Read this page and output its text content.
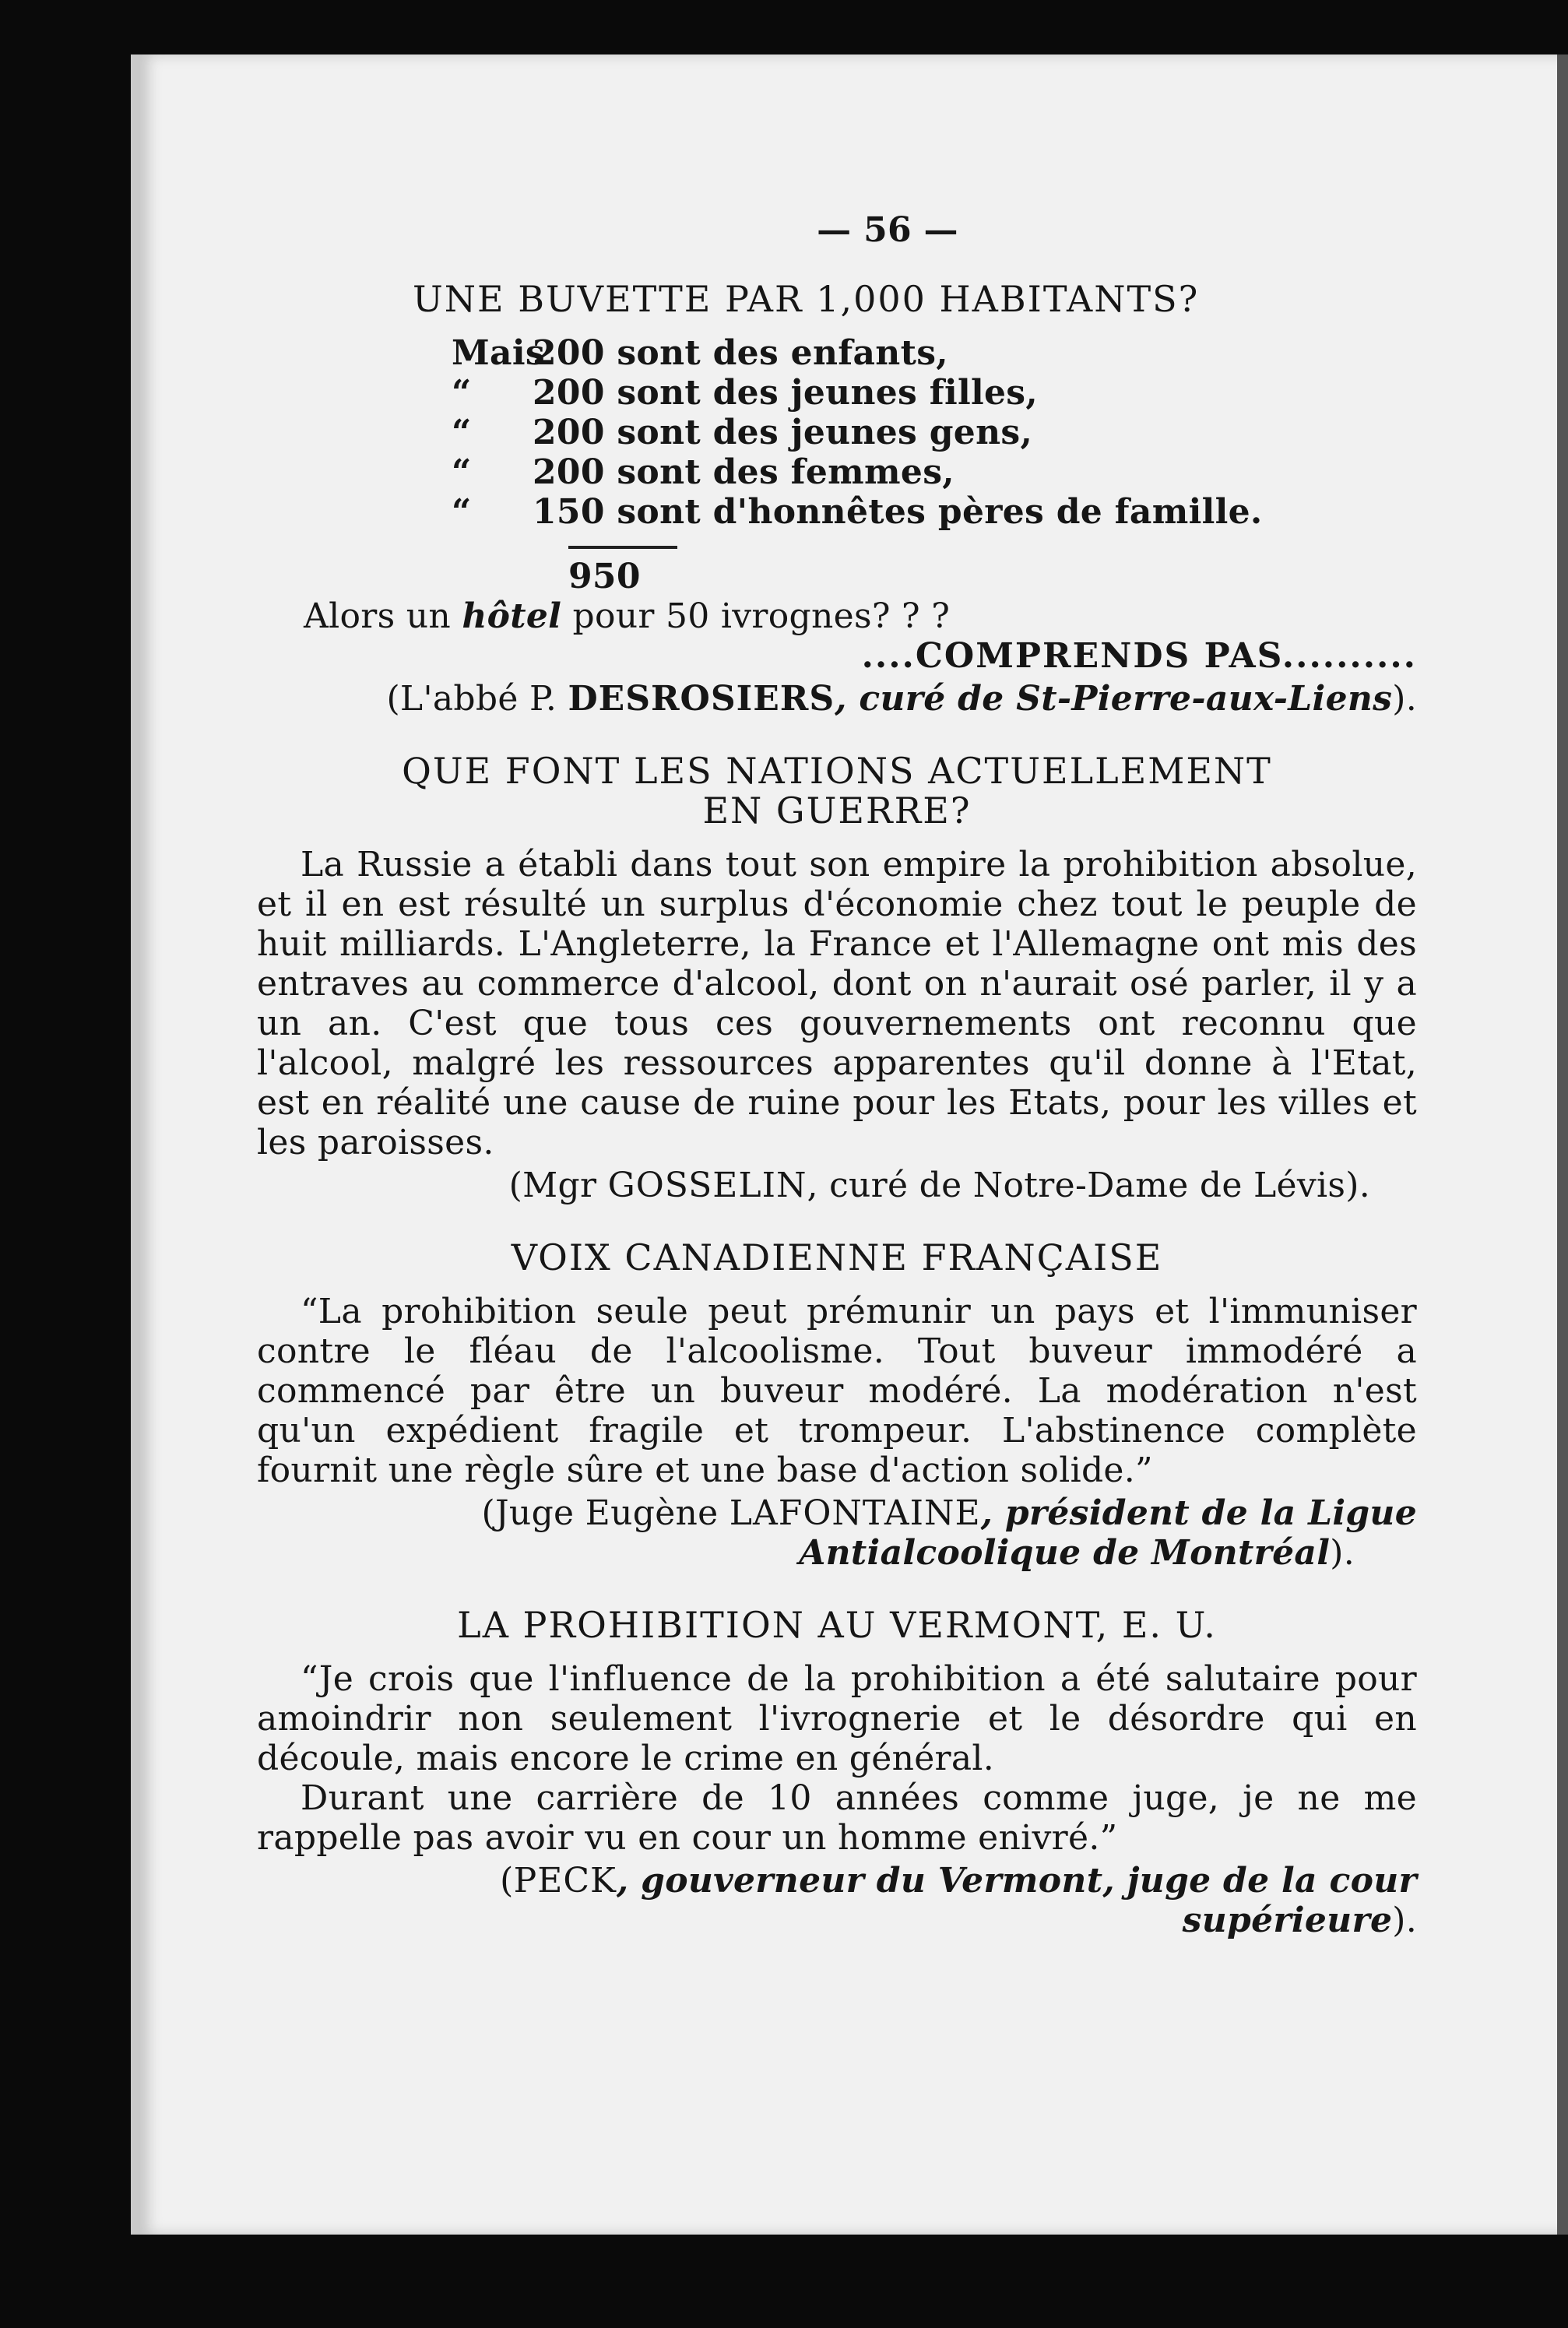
— 56 —
UNE BUVETTE PAR 1,000 HABITANTS?
Mais200 sont des enfants,
“ 200 sont des jeunes filles,
“ 200 sont des jeunes gens,
“ 200 sont des femmes,
“ 150 sont d'honnêtes pères de famille.
950

Alors un hôtel pour 50 ivrognes? ? ?

....COMPRENDS PAS..........

(L'abbé P. DESROSIERS, curé de St-Pierre-aux-Liens).

QUE FONT LES NATIONS ACTUELLEMENT
EN GUERRE?

La Russie a établi dans tout son empire la prohibition absolue, et il en est résulté un surplus d'économie chez tout le peuple de huit milliards. L'Angleterre, la France et l'Allemagne ont mis des entraves au commerce d'alcool, dont on n'aurait osé parler, il y a un an. C'est que tous ces gouvernements ont reconnu que l'alcool, malgré les ressources apparentes qu'il donne à l'Etat, est en réalité une cause de ruine pour les Etats, pour les villes et les paroisses.

(Mgr GOSSELIN, curé de Notre-Dame de Lévis).

VOIX CANADIENNE FRANÇAISE

“La prohibition seule peut prémunir un pays et l'immuniser contre le fléau de l'alcoolisme. Tout buveur immodéré a commencé par être un buveur modéré. La modération n'est qu'un expédient fragile et trompeur. L'abstinence complète fournit une règle sûre et une base d'action solide.”

(Juge Eugène LAFONTAINE, président de la Ligue

Antialcoolique de Montréal).

LA PROHIBITION AU VERMONT, E. U.

“Je crois que l'influence de la prohibition a été salutaire pour amoindrir non seulement l'ivrognerie et le désordre qui en découle, mais encore le crime en général.

Durant une carrière de 10 années comme juge, je ne me rappelle pas avoir vu en cour un homme enivré.”

(PECK, gouverneur du Vermont, juge de la cour supérieure).
